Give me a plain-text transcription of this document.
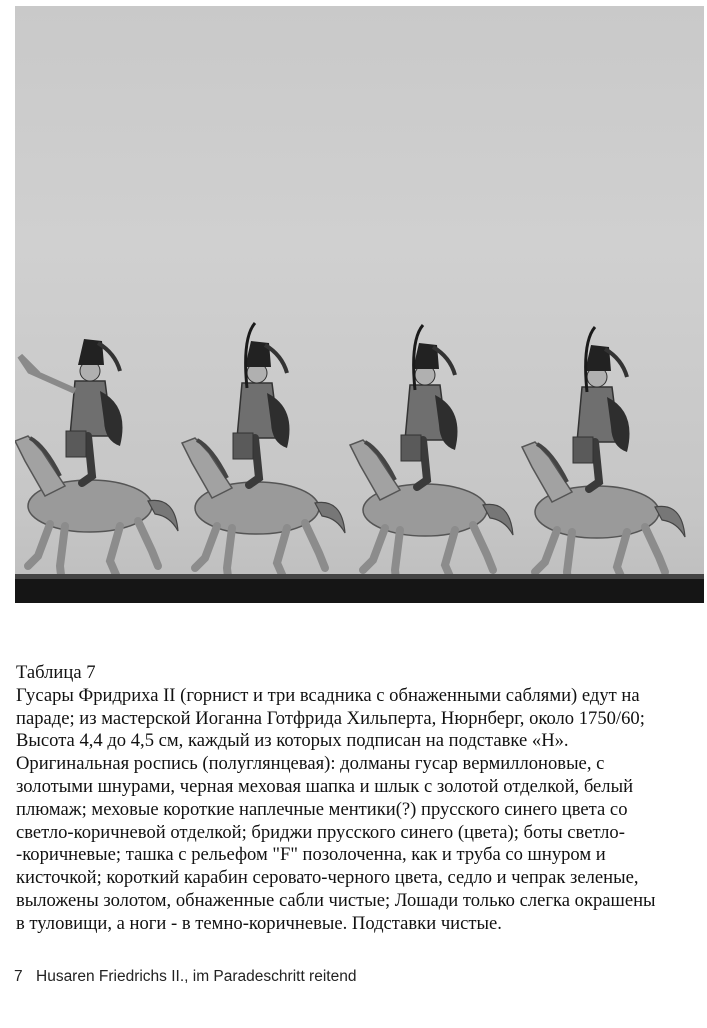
Таблица 7
Гусары Фридриха II (горнист и три всадника с обнаженными саблями) едут на
параде; из мастерской Иоганна Готфрида Хильперта, Нюрнберг, около 1750/60;
Высота 4,4 до 4,5 см, каждый из которых подписан на подставке «H».
Оригинальная роспись (полуглянцевая): долманы гусар вермиллоновые, с
золотыми шнурами, черная меховая шапка и шлык с золотой отделкой, белый
плюмаж; меховые короткие наплечные ментики(?) прусского синего цвета со
светло-коричневой отделкой; бриджи прусского синего (цвета); боты светло-
-коричневые; ташка с рельефом "F" позолоченна, как и труба со шнуром и
кисточкой; короткий карабин серовато-черного цвета, седло и чепрак зеленые,
выложены золотом, обнаженные сабли чистые; Лошади только слегка окрашены
в туловищи, а ноги - в темно-коричневые. Подставки чистые.
7 Husaren Friedrichs II., im Paradeschritt reitend
